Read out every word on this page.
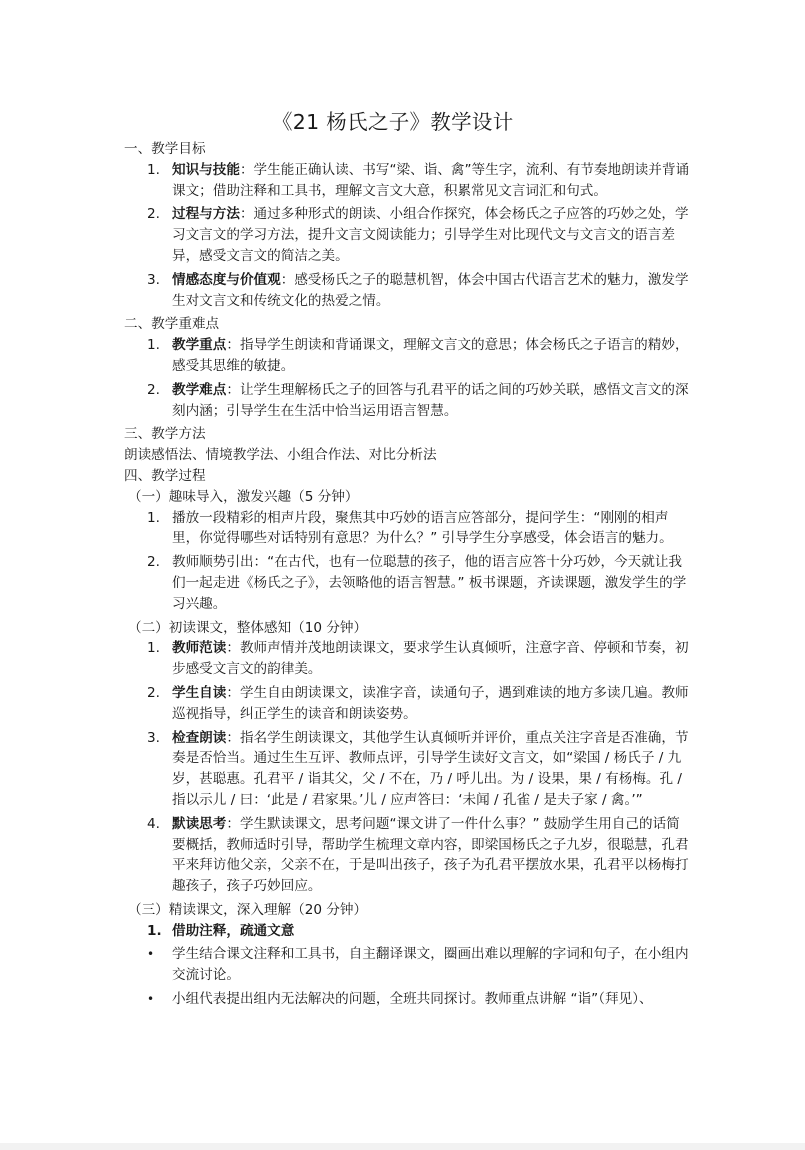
《21 杨氏之子》教学设计
一、教学目标
1. 知识与技能：学生能正确认读、书写“梁、诣、禽”等生字，流利、有节奏地朗读并背诵课文；借助注释和工具书，理解文言文大意，积累常见文言词汇和句式。
2. 过程与方法：通过多种形式的朗读、小组合作探究，体会杨氏之子应答的巧妙之处，学习文言文的学习方法，提升文言文阅读能力；引导学生对比现代文与文言文的语言差异，感受文言文的简洁之美。
3. 情感态度与价值观：感受杨氏之子的聪慧机智，体会中国古代语言艺术的魅力，激发学生对文言文和传统文化的热爱之情。
二、教学重难点
1. 教学重点：指导学生朗读和背诵课文，理解文言文的意思；体会杨氏之子语言的精妙，感受其思维的敏捷。
2. 教学难点：让学生理解杨氏之子的回答与孔君平的话之间的巧妙关联，感悟文言文的深刻内涵；引导学生在生活中恰当运用语言智慧。
三、教学方法
朗读感悟法、情境教学法、小组合作法、对比分析法
四、教学过程
（一）趣味导入，激发兴趣（5 分钟）
1. 播放一段精彩的相声片段，聚焦其中巧妙的语言应答部分，提问学生：“刚刚的相声里，你觉得哪些对话特别有意思？为什么？” 引导学生分享感受，体会语言的魅力。
2. 教师顺势引出：“在古代，也有一位聪慧的孩子，他的语言应答十分巧妙，今天就让我们一起走进《杨氏之子》，去领略他的语言智慧。” 板书课题，齐读课题，激发学生的学习兴趣。
（二）初读课文，整体感知（10 分钟）
1. 教师范读：教师声情并茂地朗读课文，要求学生认真倾听，注意字音、停顿和节奏，初步感受文言文的韵律美。
2. 学生自读：学生自由朗读课文，读准字音，读通句子，遇到难读的地方多读几遍。教师巡视指导，纠正学生的读音和朗读姿势。
3. 检查朗读：指名学生朗读课文，其他学生认真倾听并评价，重点关注字音是否准确，节奏是否恰当。通过生生互评、教师点评，引导学生读好文言文，如“梁国 / 杨氏子 / 九岁，甚聪惠。孔君平 / 诣其父，父 / 不在，乃 / 呼儿出。为 / 设果，果 / 有杨梅。孔 / 指以示儿 / 曰：‘此是 / 君家果。’儿 / 应声答曰：‘未闻 / 孔雀 / 是夫子家 / 禽。’”
4. 默读思考：学生默读课文，思考问题“课文讲了一件什么事？” 鼓励学生用自己的话简要概括，教师适时引导，帮助学生梳理文章内容，即梁国杨氏之子九岁，很聪慧，孔君平来拜访他父亲，父亲不在，于是叫出孩子，孩子为孔君平摆放水果，孔君平以杨梅打趣孩子，孩子巧妙回应。
（三）精读课文，深入理解（20 分钟）
1. 借助注释，疏通文意
• 学生结合课文注释和工具书，自主翻译课文，圈画出难以理解的字词和句子，在小组内交流讨论。
• 小组代表提出组内无法解决的问题，全班共同探讨。教师重点讲解 “诣”（拜见）、
